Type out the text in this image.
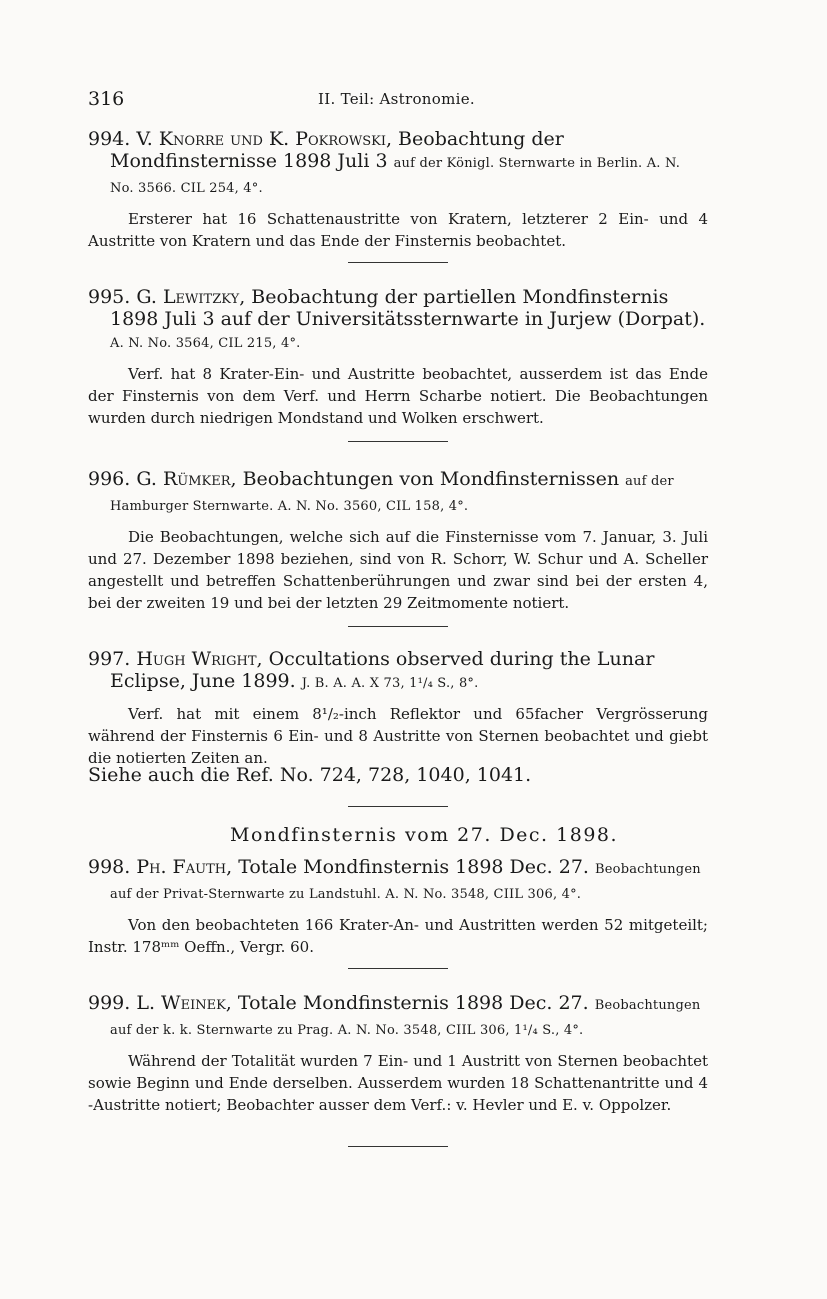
316	II. Teil: Astronomie.

994. V. Knorre und K. Pokrowski, Beobachtung der Mondfinsternisse 1898 Juli 3 auf der Königl. Sternwarte in Berlin. A. N. No. 3566. CIL 254, 4°.

Ersterer hat 16 Schattenaustritte von Kratern, letzterer 2 Ein- und 4 Austritte von Kratern und das Ende der Finsternis beobachtet.

995. G. Lewitzky, Beobachtung der partiellen Mondfinsternis 1898 Juli 3 auf der Universitätssternwarte in Jurjew (Dorpat). A. N. No. 3564, CIL 215, 4°.

Verf. hat 8 Krater-Ein- und Austritte beobachtet, ausserdem ist das Ende der Finsternis von dem Verf. und Herrn Scharbe notiert. Die Beobachtungen wurden durch niedrigen Mondstand und Wolken erschwert.

996. G. Rümker, Beobachtungen von Mondfinsternissen auf der Hamburger Sternwarte. A. N. No. 3560, CIL 158, 4°.

Die Beobachtungen, welche sich auf die Finsternisse vom 7. Januar, 3. Juli und 27. Dezember 1898 beziehen, sind von R. Schorr, W. Schur und A. Scheller angestellt und betreffen Schattenberührungen und zwar sind bei der ersten 4, bei der zweiten 19 und bei der letzten 29 Zeitmomente notiert.

997. Hugh Wright, Occultations observed during the Lunar Eclipse, June 1899. J. B. A. A. X 73, 1¹/₄ S., 8°.

Verf. hat mit einem 8¹/₂-inch Reflektor und 65facher Vergrösserung während der Finsternis 6 Ein- und 8 Austritte von Sternen beobachtet und giebt die notierten Zeiten an.

Siehe auch die Ref. No. 724, 728, 1040, 1041.
Mondfinsternis vom 27. Dec. 1898.

998. Ph. Fauth, Totale Mondfinsternis 1898 Dec. 27. Beobachtungen auf der Privat-Sternwarte zu Landstuhl. A. N. No. 3548, CIIL 306, 4°.

Von den beobachteten 166 Krater-An- und Austritten werden 52 mitgeteilt; Instr. 178ᵐᵐ Oeffn., Vergr. 60.

999. L. Weinek, Totale Mondfinsternis 1898 Dec. 27. Beobachtungen auf der k. k. Sternwarte zu Prag. A. N. No. 3548, CIIL 306, 1¹/₄ S., 4°.

Während der Totalität wurden 7 Ein- und 1 Austritt von Sternen beobachtet sowie Beginn und Ende derselben. Ausserdem wurden 18 Schattenantritte und 4 -Austritte notiert; Beobachter ausser dem Verf.: v. Hevler und E. v. Oppolzer.
